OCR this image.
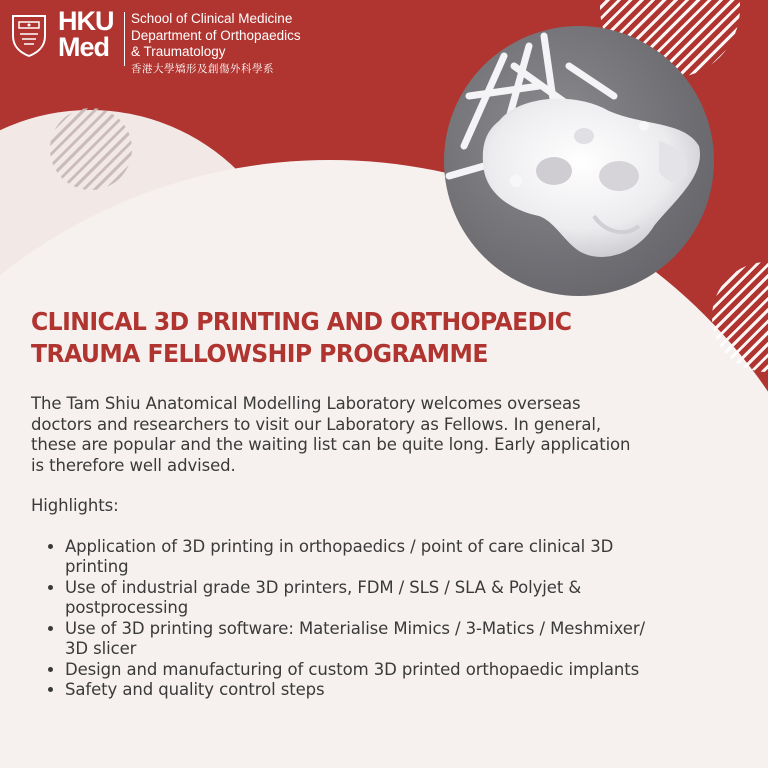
HKU
Med
School of Clinical Medicine
Department of Orthopaedics
& Traumatology
香港大學矯形及創傷外科學系
CLINICAL 3D PRINTING AND ORTHOPAEDIC
TRAUMA FELLOWSHIP PROGRAMME

The Tam Shiu Anatomical Modelling Laboratory welcomes overseas doctors and researchers to visit our Laboratory as Fellows. In general, these are popular and the waiting list can be quite long. Early application is therefore well advised.

Highlights:

• Application of 3D printing in orthopaedics / point of care clinical 3D printing
• Use of industrial grade 3D printers, FDM / SLS / SLA & Polyjet & postprocessing
• Use of 3D printing software: Materialise Mimics / 3-Matics / Meshmixer/ 3D slicer
• Design and manufacturing of custom 3D printed orthopaedic implants
• Safety and quality control steps
